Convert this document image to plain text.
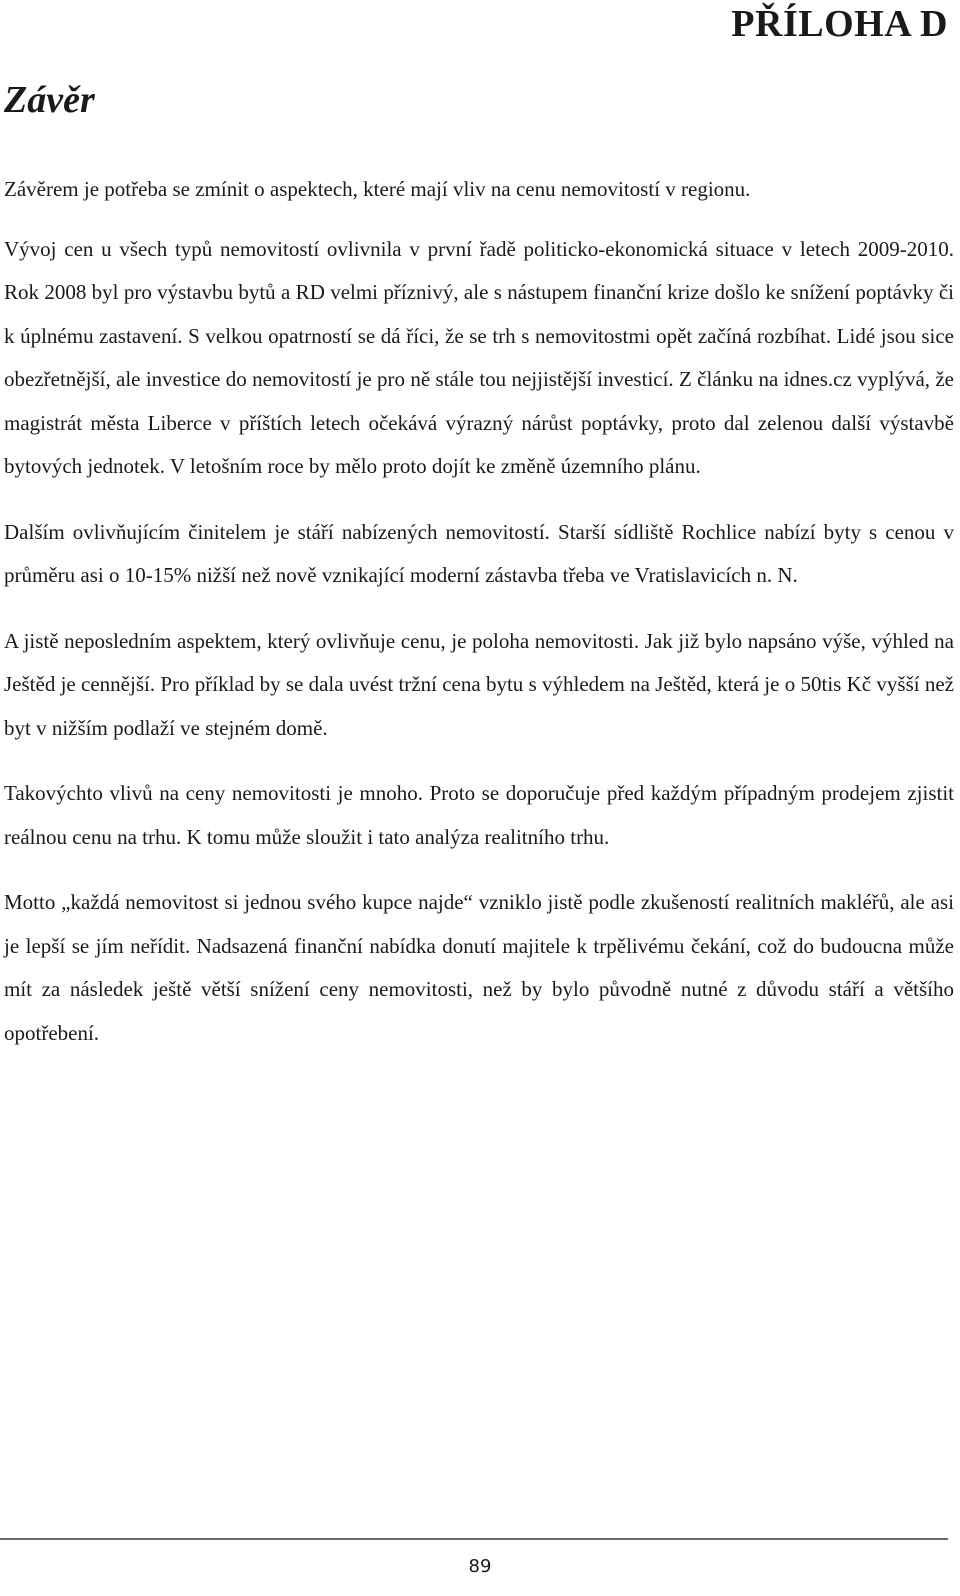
PŘÍLOHA D
Závěr

Závěrem je potřeba se zmínit o aspektech, které mají vliv na cenu nemovitostí v regionu.

Vývoj cen u všech typů nemovitostí ovlivnila v první řadě politicko-ekonomická situace v letech 2009-2010. Rok 2008 byl pro výstavbu bytů a RD velmi příznivý, ale s nástupem finanční krize došlo ke snížení poptávky či k úplnému zastavení. S velkou opatrností se dá říci, že se trh s nemovitostmi opět začíná rozbíhat. Lidé jsou sice obezřetnější, ale investice do nemovitostí je pro ně stále tou nejjistější investicí. Z článku na idnes.cz vyplývá, že magistrát města Liberce v příštích letech očekává výrazný nárůst poptávky, proto dal zelenou další výstavbě bytových jednotek. V letošním roce by mělo proto dojít ke změně územního plánu.

Dalším ovlivňujícím činitelem je stáří nabízených nemovitostí. Starší sídliště Rochlice nabízí byty s cenou v průměru asi o 10-15% nižší než nově vznikající moderní zástavba třeba ve Vratislavicích n. N.

A jistě neposledním aspektem, který ovlivňuje cenu, je poloha nemovitosti. Jak již bylo napsáno výše, výhled na Ještěd je cennější. Pro příklad by se dala uvést tržní cena bytu s výhledem na Ještěd, která je o 50tis Kč vyšší než byt v nižším podlaží ve stejném domě.

Takovýchto vlivů na ceny nemovitosti je mnoho. Proto se doporučuje před každým případným prodejem zjistit reálnou cenu na trhu. K tomu může sloužit i tato analýza realitního trhu.

Motto „každá nemovitost si jednou svého kupce najde“ vzniklo jistě podle zkušeností realitních makléřů, ale asi je lepší se jím neřídit. Nadsazená finanční nabídka donutí majitele k trpělivému čekání, což do budoucna může mít za následek ještě větší snížení ceny nemovitosti, než by bylo původně nutné z důvodu stáří a většího opotřebení.

89
